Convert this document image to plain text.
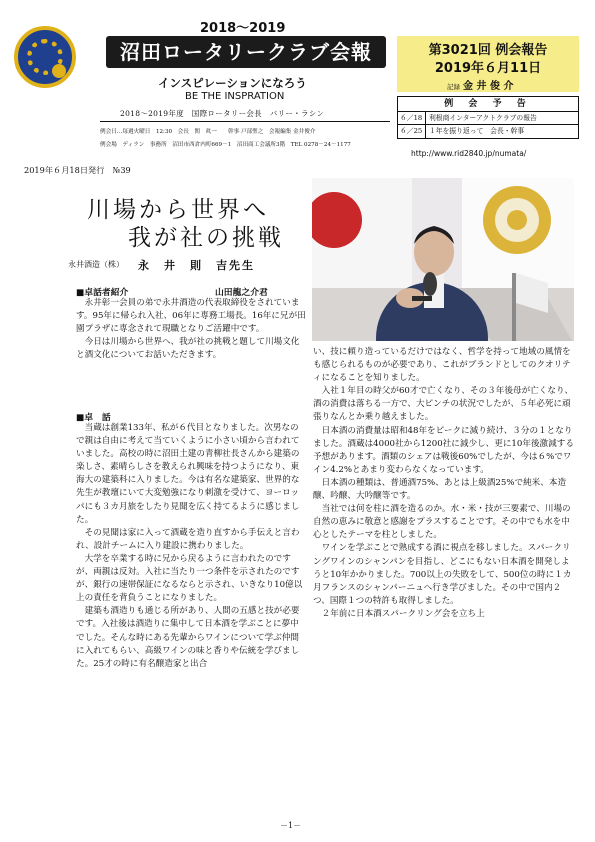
2018～2019
沼田ロータリークラブ会報
インスピレーションになろう
BE THE INSPRATION
2018～2019年度　国際ロータリー会長　バリー・ラシン
例会日…毎週火曜日　12:30　会長　関　眞一　　幹事 戸部聖之　会報編集 金井俊介
例会場　ディラン　事務所　沼田市西倉内町669－1　沼田商工会議所3階　TEL 0278－24－1177
第3021回 例会報告
2019年６月11日
記録 金 井 俊 介
例 会 予 告
６／18 利根商インターアクトクラブの報告
６／25 １年を振り返って　会長・幹事
http://www.rid2840.jp/numata/
2019年６月18日発行　№39
川場から世界へ
我が社の挑戦
永井酒造（株） 永　井　則　吉先生
■卓話者紹介	山田龍之介君

永井彰一会員の弟で永井酒造の代表取締役をされています。95年に帰られ入社、06年に専務工場長。16年に兄が田園プラザに専念されて現職となりご活躍中です。

今日は川場から世界へ、我が社の挑戦と題して川場文化と酒文化についてお話いただきます。

■卓　話

当蔵は創業133年、私が６代目となりました。次男なので親は自由に考えて当ていくように小さい頃から言われていました。高校の時に沼田土建の青柳社長さんから建築の楽しさ、素晴らしさを教えられ興味を持つようになり、東海大の建築科に入りました。今は有名な建築家、世界的な先生が教壇にいて大変勉強になり刺激を受けて、ヨーロッパにも３カ月旅をしたり見聞を広く持てるように感じました。

その見聞は家に入って酒蔵を造り直すから手伝えと言われ、設計チームに入り建設に携わりました。

大学を卒業する時に兄から戻るように言われたのですが、両親は反対。入社に当たり一つ条件を示されたのですが、銀行の速帯保証になるならと示され、いきなり10億以上の責任を背負うことになりました。

建築も酒造りも通じる所があり、人間の五感と技が必要です。入社後は酒造りに集中して日本酒を学ぶことに夢中でした。そんな時にある先輩からワインについて学ぶ仲間に入れてもらい、高級ワインの味と香りや伝統を学びました。25才の時に有名醸造家と出合

い、技に頼り造っているだけではなく、哲学を持って地域の風情をも感じられるものが必要であり、これがブランドとしてのクオリティになることを知りました。

入社１年目の時父が60才で亡くなり、その３年後母が亡くなり、酒の消費は落ちる一方で、大ピンチの状況でしたが、５年必死に頑張りなんとか乗り越えました。

日本酒の消費量は昭和48年をピークに減り続け、３分の１となりました。酒蔵は4000社から1200社に減少し、更に10年後激減する予想があります。酒類のシェアは戦後60%でしたが、今は６%でワイン4.2%とあまり変わらなくなっています。

日本酒の種類は、普通酒75%、あとは上級酒25%で純米、本造醸、吟醸、大吟醸等です。

当社では何を柱に酒を造るのか。水・米・技が三要素で、川場の自然の恵みに敬意と感謝をプラスすることです。その中でも水を中心としたテーマを柱としました。

ワインを学ぶことで熟成する酒に視点を移しました。スパークリングワインのシャンパンを目指し、どこにもない日本酒を開発しようと10年かかりました。700以上の失敗をして、500位の時に１カ月フランスのシャンパーニュへ行き学びました。その中で国内２つ、国際１つの特許も取得しました。

２年前に日本酒スパークリング会を立ち上

－1－
